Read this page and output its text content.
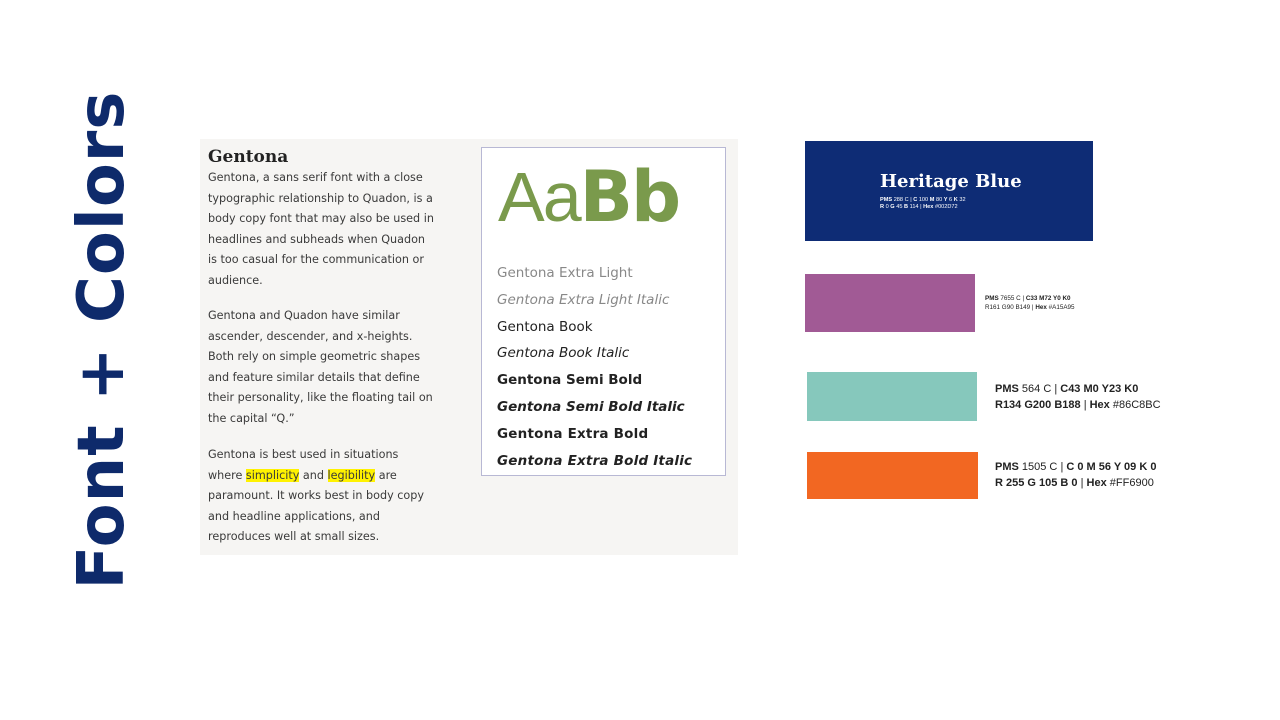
Font + Colors	Gentona

Gentona, a sans serif font with a close typographic relationship to Quadon, is a body copy font that may also be used in headlines and subheads when Quadon is too casual for the communication or audience.

Gentona and Quadon have similar ascender, descender, and x-heights. Both rely on simple geometric shapes and feature similar details that define their personality, like the floating tail on the capital “Q.”

Gentona is best used in situations where simplicity and legibility are paramount. It works best in body copy and headline applications, and reproduces well at small sizes.

AaBb
Gentona Extra Light
Gentona Extra Light Italic
Gentona Book
Gentona Book Italic
Gentona Semi Bold
Gentona Semi Bold Italic
Gentona Extra Bold
Gentona Extra Bold Italic
Heritage Blue
PMS 288 C | C 100 M 80 Y 6 K 32
R 0 G 45 B 114 | Hex #002D72
PMS 7655 C | C33 M72 Y0 K0
R161 G90 B149 | Hex #A15A95
PMS 564 C | C43 M0 Y23 K0
R134 G200 B188 | Hex #86C8BC
PMS 1505 C | C 0 M 56 Y 09 K 0
R 255 G 105 B 0 | Hex #FF6900
